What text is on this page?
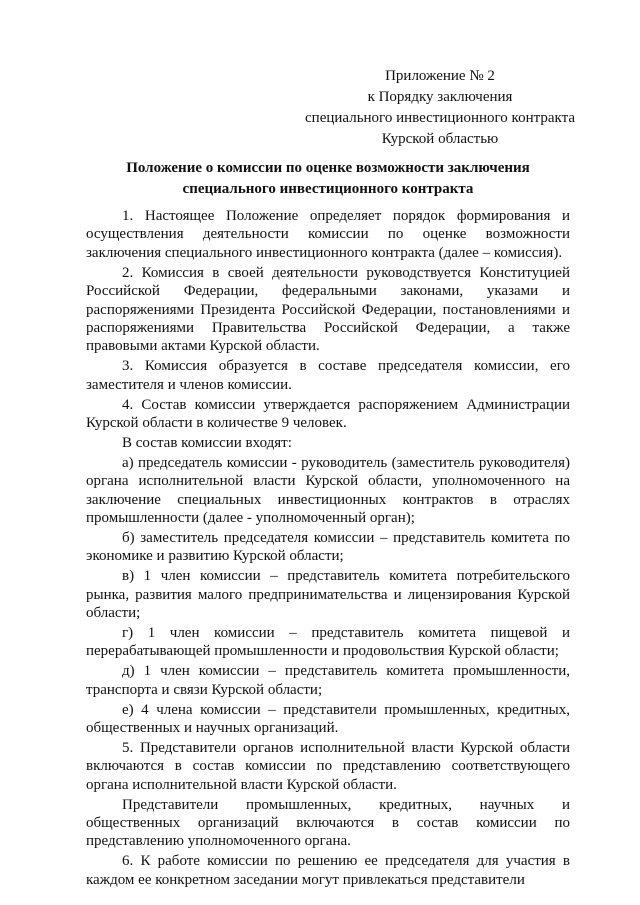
Приложение № 2
к Порядку заключения
специального инвестиционного контракта
Курской областью
Положение о комиссии по оценке возможности заключения
специального инвестиционного контракта

1. Настоящее Положение определяет порядок формирования и осуществления деятельности комиссии по оценке возможности заключения специального инвестиционного контракта (далее – комиссия).

2. Комиссия в своей деятельности руководствуется Конституцией Российской Федерации, федеральными законами, указами и распоряжениями Президента Российской Федерации, постановлениями и распоряжениями Правительства Российской Федерации, а также правовыми актами Курской области.

3. Комиссия образуется в составе председателя комиссии, его заместителя и членов комиссии.

4. Состав комиссии утверждается распоряжением Администрации Курской области в количестве 9 человек.

В состав комиссии входят:

а) председатель комиссии - руководитель (заместитель руководителя) органа исполнительной власти Курской области, уполномоченного на заключение специальных инвестиционных контрактов в отраслях промышленности (далее - уполномоченный орган);

б) заместитель председателя комиссии – представитель комитета по экономике и развитию Курской области;

в) 1 член комиссии – представитель комитета потребительского рынка, развития малого предпринимательства и лицензирования Курской области;

г) 1 член комиссии – представитель комитета пищевой и перерабатывающей промышленности и продовольствия Курской области;

д) 1 член комиссии – представитель комитета промышленности, транспорта и связи Курской области;

е) 4 члена комиссии – представители промышленных, кредитных, общественных и научных организаций.

5. Представители органов исполнительной власти Курской области включаются в состав комиссии по представлению соответствующего органа исполнительной власти Курской области.

Представители промышленных, кредитных, научных и общественных организаций включаются в состав комиссии по представлению уполномоченного органа.

6. К работе комиссии по решению ее председателя для участия в каждом ее конкретном заседании могут привлекаться представители
